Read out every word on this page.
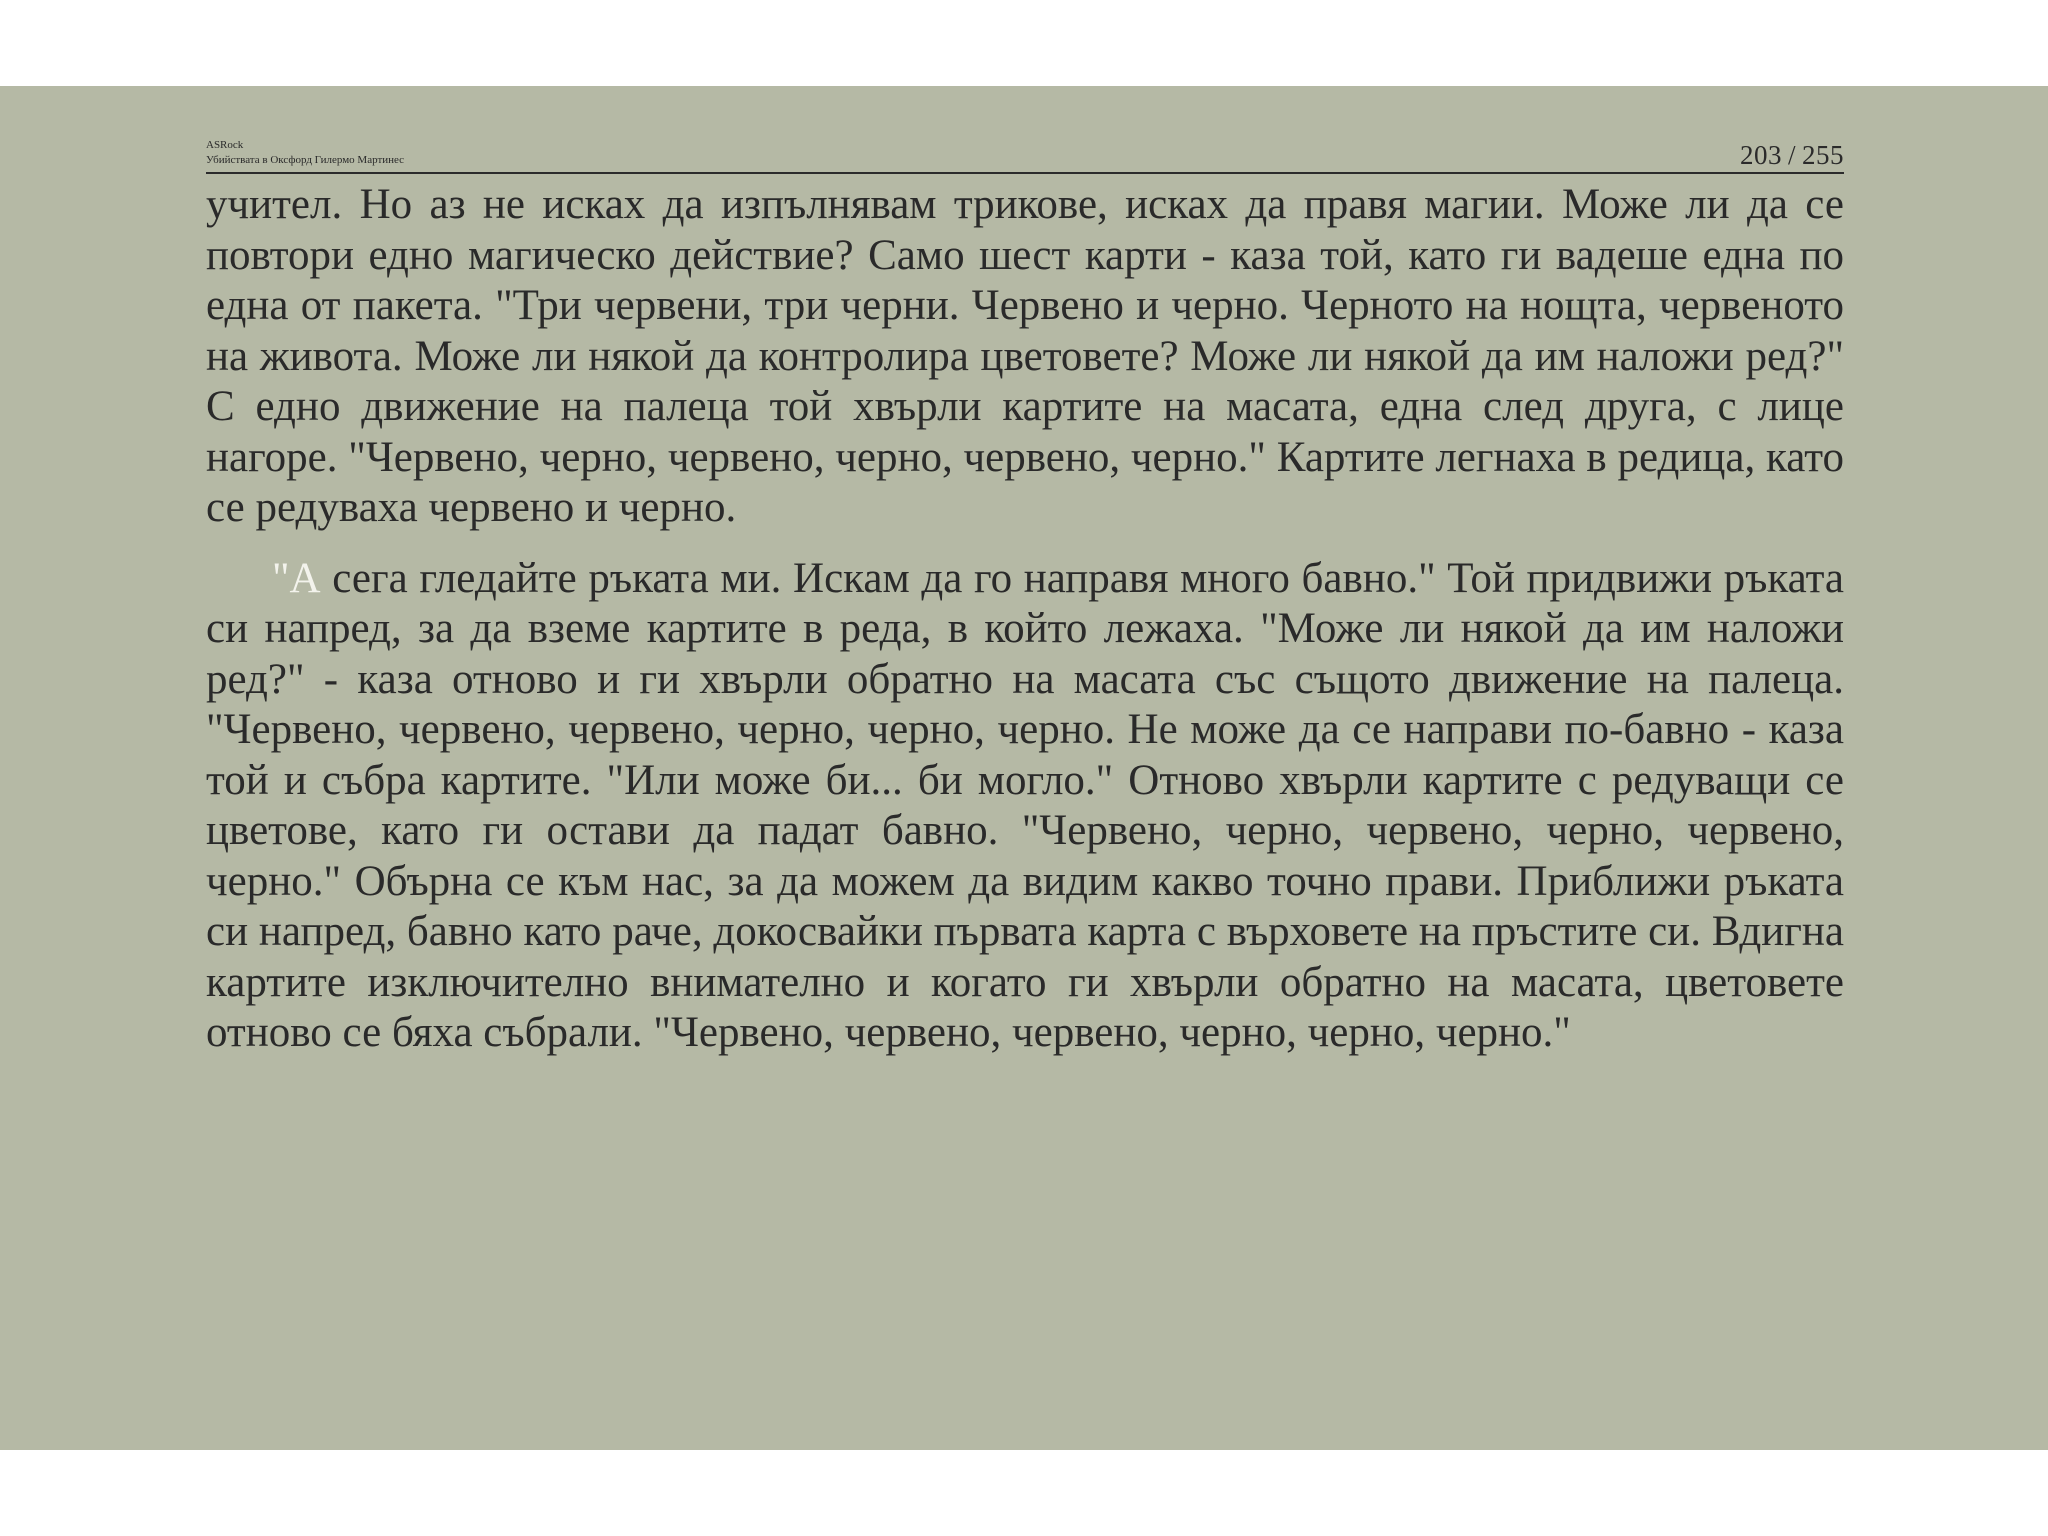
ASRock
Убийствата в Оксфорд Гилермо Мартинес	203 / 255

учител. Но аз не исках да изпълнявам трикове, исках да правя магии. Може ли да се повтори едно магическо действие? Само шест карти - каза той, като ги вадеше една по една от пакета. "Три червени, три черни. Червено и черно. Черното на нощта, червеното на живота. Може ли някой да контролира цветовете? Може ли някой да им наложи ред?" С едно движение на палеца той хвърли картите на масата, една след друга, с лице нагоре. "Червено, черно, червено, черно, червено, черно." Картите легнаха в редица, като се редуваха червено и черно.

"А сега гледайте ръката ми. Искам да го направя много бавно." Той придвижи ръката си напред, за да вземе картите в реда, в който лежаха. "Може ли някой да им наложи ред?" - каза отново и ги хвърли обратно на масата със същото движение на палеца. "Червено, червено, червено, черно, черно, черно. Не може да се направи по-бавно - каза той и събра картите. "Или може би... би могло." Отново хвърли картите с редуващи се цветове, като ги остави да падат бавно. "Червено, черно, червено, черно, червено, черно." Обърна се към нас, за да можем да видим какво точно прави. Приближи ръката си напред, бавно като раче, докосвайки първата карта с върховете на пръстите си. Вдигна картите изключително внимателно и когато ги хвърли обратно на масата, цветовете отново се бяха събрали. "Червено, червено, червено, черно, черно, черно."
